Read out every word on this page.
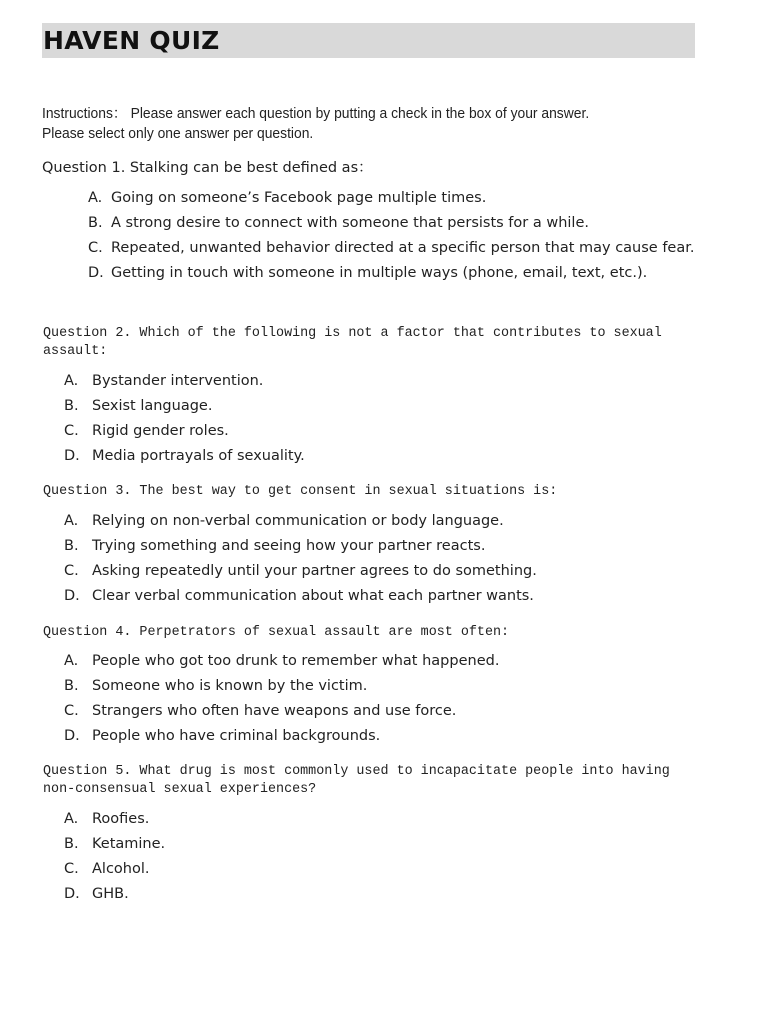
HAVEN QUIZ
Instructions： Please answer each question by putting a check in the box of your answer.
Please select only one answer per question.
Question 1. Stalking can be best defined as：
A. Going on someone’s Facebook page multiple times.
B. A strong desire to connect with someone that persists for a while.
C. Repeated, unwanted behavior directed at a specific person that may cause fear.
D. Getting in touch with someone in multiple ways (phone, email, text, etc.).
Question 2. Which of the following is not a factor that contributes to sexual assault:
A. Bystander intervention.
B. Sexist language.
C. Rigid gender roles.
D. Media portrayals of sexuality.
Question 3. The best way to get consent in sexual situations is:
A. Relying on non-verbal communication or body language.
B. Trying something and seeing how your partner reacts.
C. Asking repeatedly until your partner agrees to do something.
D. Clear verbal communication about what each partner wants.
Question 4. Perpetrators of sexual assault are most often:
A. People who got too drunk to remember what happened.
B. Someone who is known by the victim.
C. Strangers who often have weapons and use force.
D. People who have criminal backgrounds.
Question 5. What drug is most commonly used to incapacitate people into having non-consensual sexual experiences?
A. Roofies.
B. Ketamine.
C. Alcohol.
D. GHB.
